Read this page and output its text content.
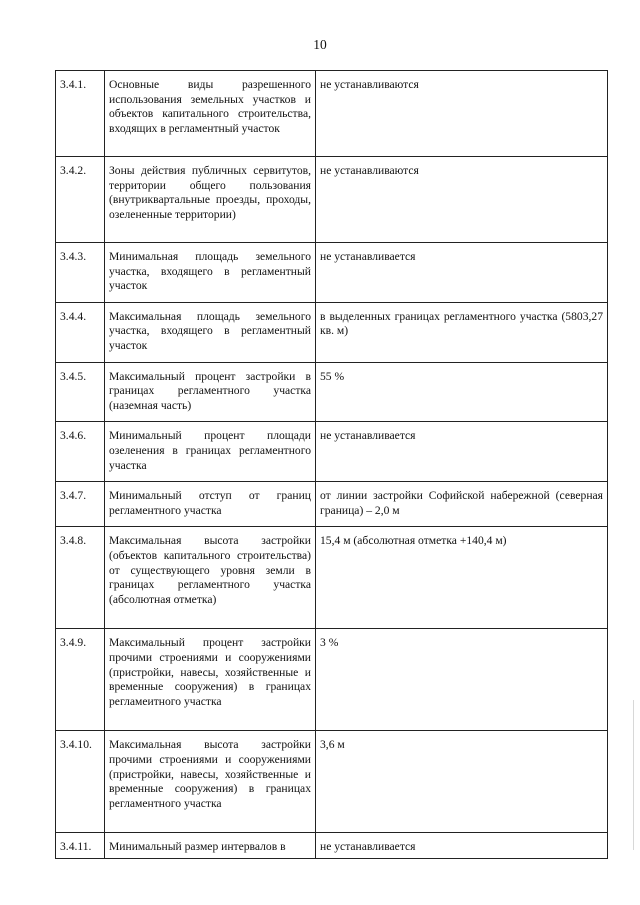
10
3.4.1.	Основные виды разрешенного использования земельных участков и объектов капитального строительства, входящих в регламентный участок	не устанавливаются
3.4.2.	Зоны действия публичных сервитутов, территории общего пользования (внутриквартальные проезды, проходы, озелененные территории)	не устанавливаются
3.4.3.	Минимальная площадь земельного участка, входящего в регламентный участок	не устанавливается
3.4.4.	Максимальная площадь земельного участка, входящего в регламентный участок	в выделенных границах регламентного участка (5803,27 кв. м)
3.4.5.	Максимальный процент застройки в границах регламентного участка (наземная часть)	55 %
3.4.6.	Минимальный процент площади озеленения в границах регламентного участка	не устанавливается
3.4.7.	Минимальный отступ от границ регламентного участка	от линии застройки Софийской набережной (северная граница) – 2,0 м
3.4.8.	Максимальная высота застройки (объектов капитального строительства) от существующего уровня земли в границах регламентного участка (абсолютная отметка)	15,4 м (абсолютная отметка +140,4 м)
3.4.9.	Максимальный процент застройки прочими строениями и сооружениями (пристройки, навесы, хозяйственные и временные сооружения) в границах регламеитного участка	3 %
3.4.10.	Максимальная высота застройки прочими строениями и сооружениями (пристройки, навесы, хозяйственные и временные сооружения) в границах регламентного участка	3,6 м
3.4.11.	Минимальный размер интервалов в	не устанавливается
